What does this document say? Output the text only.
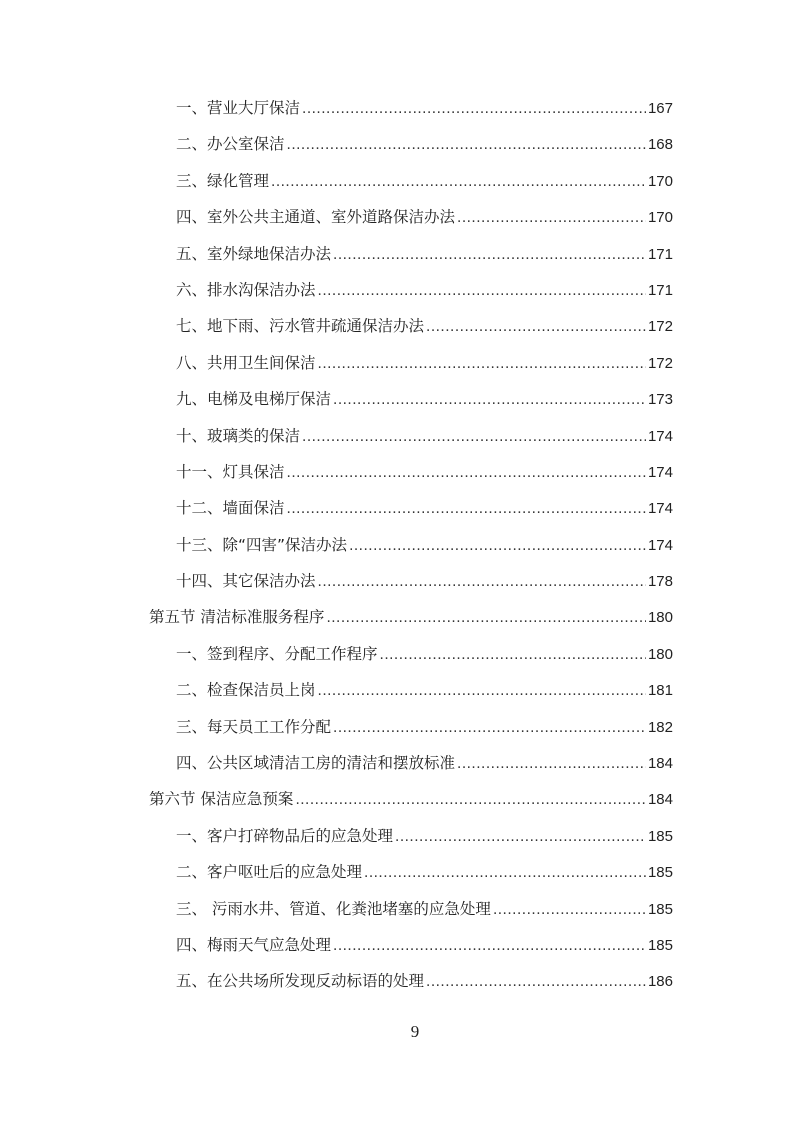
一、营业大厅保洁 .....	167
二、办公室保洁 .....	168
三、绿化管理 .....	170
四、室外公共主通道、室外道路保洁办法 .....	170
五、室外绿地保洁办法 .....	171
六、排水沟保洁办法 .....	171
七、地下雨、污水管井疏通保洁办法 .....	172
八、共用卫生间保洁 .....	172
九、电梯及电梯厅保洁 .....	173
十、玻璃类的保洁 .....	174
十一、灯具保洁 .....	174
十二、墙面保洁 .....	174
十三、除“四害”保洁办法 .....	174
十四、其它保洁办法 .....	178
第五节 清洁标准服务程序 .....	180
一、签到程序、分配工作程序 .....	180
二、检查保洁员上岗 .....	181
三、每天员工工作分配 .....	182
四、公共区域清洁工房的清洁和摆放标准 .....	184
第六节 保洁应急预案 .....	184
一、客户打碎物品后的应急处理 .....	185
二、客户呕吐后的应急处理 .....	185
三、 污雨水井、管道、化粪池堵塞的应急处理 .....	185
四、梅雨天气应急处理 .....	185
五、在公共场所发现反动标语的处理 .....	186
9
